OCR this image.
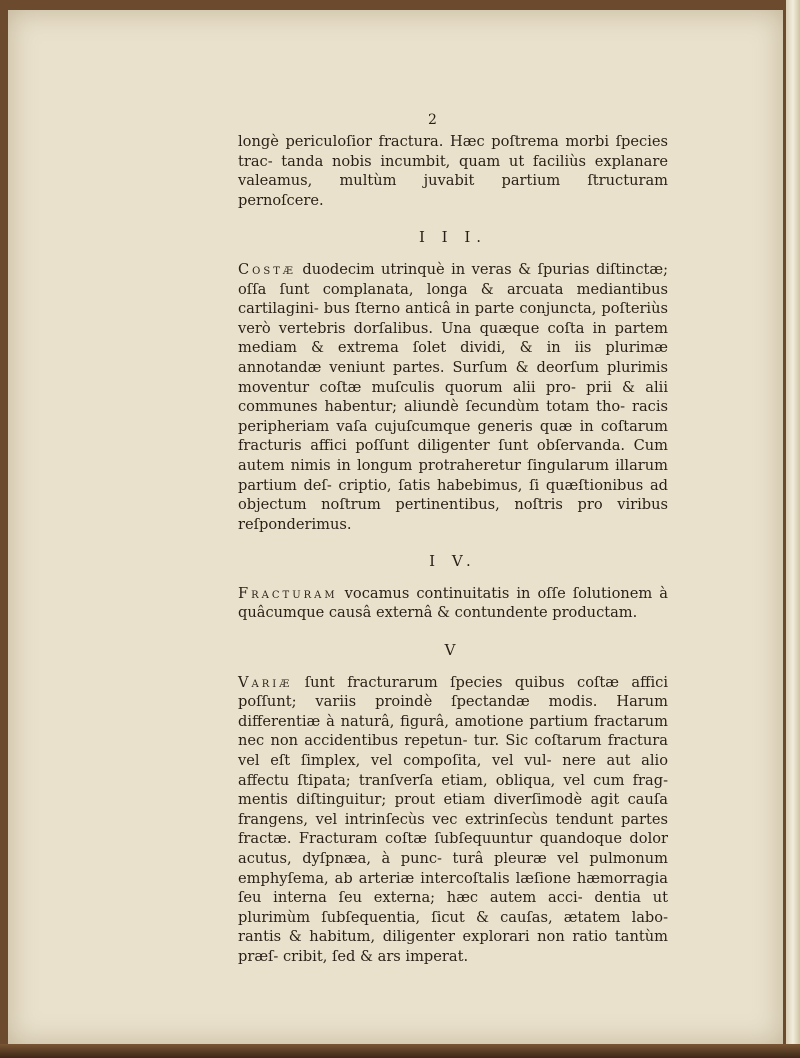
2

longè periculoſior fractura. Hæc poſtrema morbi ſpecies trac- tanda nobis incumbit, quam ut faciliùs explanare valeamus, multùm juvabit partium ſtructuram pernoſcere.

I I I.

Costæ duodecim utrinquè in veras & ſpurias diſtinctæ; oſſa ſunt complanata, longa & arcuata mediantibus cartilagini- bus ſterno anticâ in parte conjuncta, poſteriùs verò vertebris dorſalibus. Una quæque coſta in partem mediam & extrema ſolet dividi, & in iis plurimæ annotandæ veniunt partes. Surſum & deorſum plurimis moventur coſtæ muſculis quorum alii pro- prii & alii communes habentur; aliundè ſecundùm totam tho- racis peripheriam vaſa cujuſcumque generis quæ in coſtarum fracturis affici poſſunt diligenter ſunt obſervanda. Cum autem nimis in longum protraheretur ſingularum illarum partium deſ- criptio, ſatis habebimus, ſi quæſtionibus ad objectum noſtrum pertinentibus, noſtris pro viribus reſponderimus.

I V.

Fracturam vocamus continuitatis in oſſe ſolutionem à quâcumque causâ externâ & contundente productam.

V

Variæ ſunt fracturarum ſpecies quibus coſtæ affici poſſunt; variis proindè ſpectandæ modis. Harum differentiæ à naturâ, figurâ, amotione partium fractarum nec non accidentibus repetun- tur. Sic coſtarum fractura vel eſt ſimplex, vel compoſita, vel vul- nere aut alio affectu ſtipata; tranſverſa etiam, obliqua, vel cum frag- mentis diſtinguitur; prout etiam diverſimodè agit cauſa frangens, vel intrinſecùs vec extrinſecùs tendunt partes fractæ. Fracturam coſtæ ſubſequuntur quandoque dolor acutus, dyſpnæa, à punc- turâ pleuræ vel pulmonum emphyſema, ab arteriæ intercoſtalis læſione hæmorragia ſeu interna ſeu externa; hæc autem acci- dentia ut plurimùm ſubſequentia, ſicut & cauſas, ætatem labo- rantis & habitum, diligenter explorari non ratio tantùm præſ- cribit, ſed & ars imperat.
